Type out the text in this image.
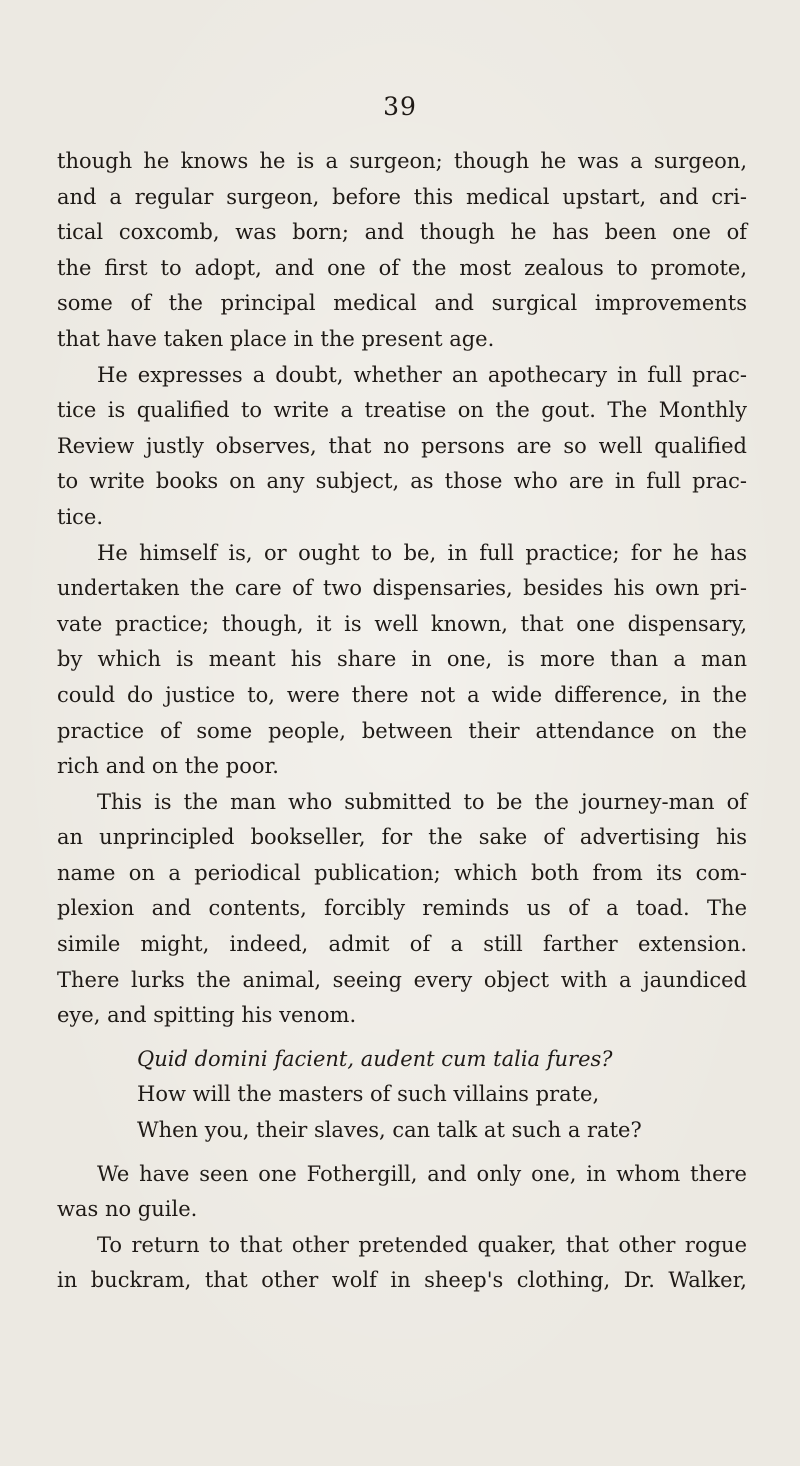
39
though he knows he is a surgeon; though he was a surgeon,
and a regular surgeon, before this medical upstart, and cri-
tical coxcomb, was born; and though he has been one of
the first to adopt, and one of the most zealous to promote,
some of the principal medical and surgical improvements
that have taken place in the present age.
He expresses a doubt, whether an apothecary in full prac-
tice is qualified to write a treatise on the gout. The Monthly
Review justly observes, that no persons are so well qualified
to write books on any subject, as those who are in full prac-
tice.
He himself is, or ought to be, in full practice; for he has
undertaken the care of two dispensaries, besides his own pri-
vate practice; though, it is well known, that one dispensary,
by which is meant his share in one, is more than a man
could do justice to, were there not a wide difference, in the
practice of some people, between their attendance on the
rich and on the poor.
This is the man who submitted to be the journey-man of
an unprincipled bookseller, for the sake of advertising his
name on a periodical publication; which both from its com-
plexion and contents, forcibly reminds us of a toad. The
simile might, indeed, admit of a still farther extension.
There lurks the animal, seeing every object with a jaundiced
eye, and spitting his venom.
Quid domini facient, audent cum talia fures?
How will the masters of such villains prate,
When you, their slaves, can talk at such a rate?
We have seen one Fothergill, and only one, in whom there
was no guile.
To return to that other pretended quaker, that other rogue
in buckram, that other wolf in sheep's clothing, Dr. Walker,
